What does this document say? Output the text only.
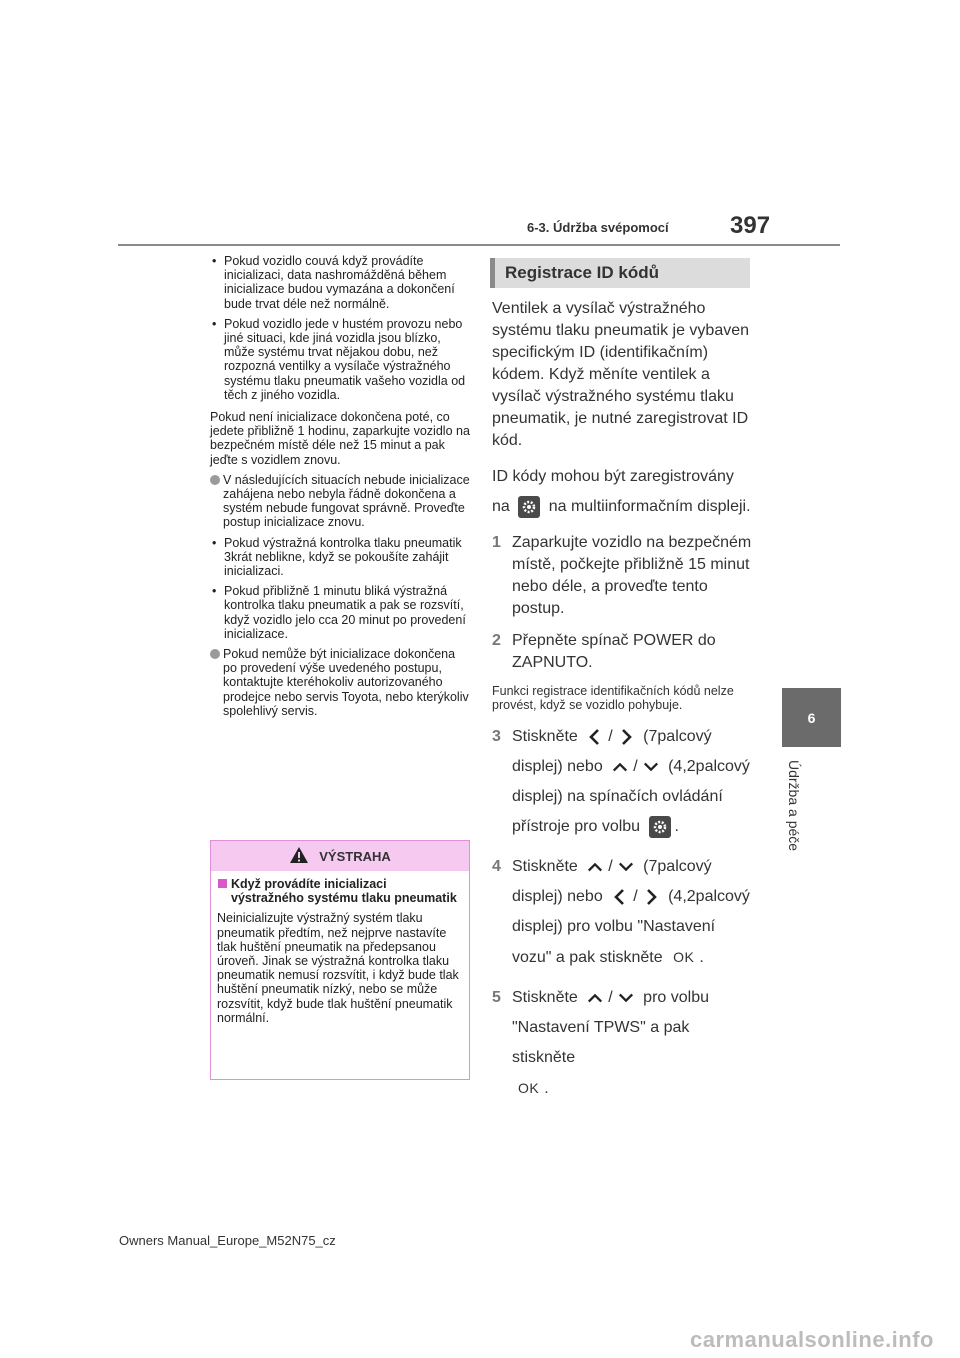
6-3. Údržba svépomocí	397
6
Údržba a péče

• Pokud vozidlo couvá když provádíte inicializaci, data nashromážděná během inicializace budou vymazána a dokončení bude trvat déle než normálně.

• Pokud vozidlo jede v hustém provozu nebo jiné situaci, kde jiná vozidla jsou blízko, může systému trvat nějakou dobu, než rozpozná ventilky a vysílače výstražného systému tlaku pneumatik vašeho vozidla od těch z jiného vozidla.

Pokud není inicializace dokončena poté, co jedete přibližně 1 hodinu, zaparkujte vozidlo na bezpečném místě déle než 15 minut a pak jeďte s vozidlem znovu.

V následujících situacích nebude inicializace zahájena nebo nebyla řádně dokončena a systém nebude fungovat správně. Proveďte postup inicializace znovu.

• Pokud výstražná kontrolka tlaku pneumatik 3krát neblikne, když se pokoušíte zahájit inicializaci.

• Pokud přibližně 1 minutu bliká výstražná kontrolka tlaku pneumatik a pak se rozsvítí, když vozidlo jelo cca 20 minut po provedení inicializace.

Pokud nemůže být inicializace dokončena po provedení výše uvedeného postupu, kontaktujte kteréhokoliv autorizovaného prodejce nebo servis Toyota, nebo kterýkoliv spolehlivý servis.
VÝSTRAHA

Když provádíte inicializaci výstražného systému tlaku pneumatik

Neinicializujte výstražný systém tlaku pneumatik předtím, než nejprve nastavíte tlak huštění pneumatik na předepsanou úroveň. Jinak se výstražná kontrolka tlaku pneumatik nemusí rozsvítit, i když bude tlak huštění pneumatik nízký, nebo se může rozsvítit, když bude tlak huštění pneumatik normální.

Registrace ID kódů

Ventilek a vysílač výstražného systému tlaku pneumatik je vybaven specifickým ID (identifikačním) kódem. Když měníte ventilek a vysílač výstražného systému tlaku pneumatik, je nutné zaregistrovat ID kód.

ID kódy mohou být zaregistrovány
na na multiinformačním displeji.

1 Zaparkujte vozidlo na bezpečném místě, počkejte přibližně 15 minut nebo déle, a proveďte tento postup.
2 Přepněte spínač POWER do ZAPNUTO.

Funkci registrace identifikačních kódů nelze provést, když se vozidlo pohybuje.

3 Stiskněte / (7palcový displej) nebo / (4,2palcový displej) na spínačích ovládání přístroje pro volbu .
4 Stiskněte / (7palcový displej) nebo / (4,2palcový displej) pro volbu "Nastavení vozu" a pak stiskněte OK .
5 Stiskněte / pro volbu "Nastavení TPWS" a pak stiskněte
OK .
Owners Manual_Europe_M52N75_cz
carmanualsonline.info
